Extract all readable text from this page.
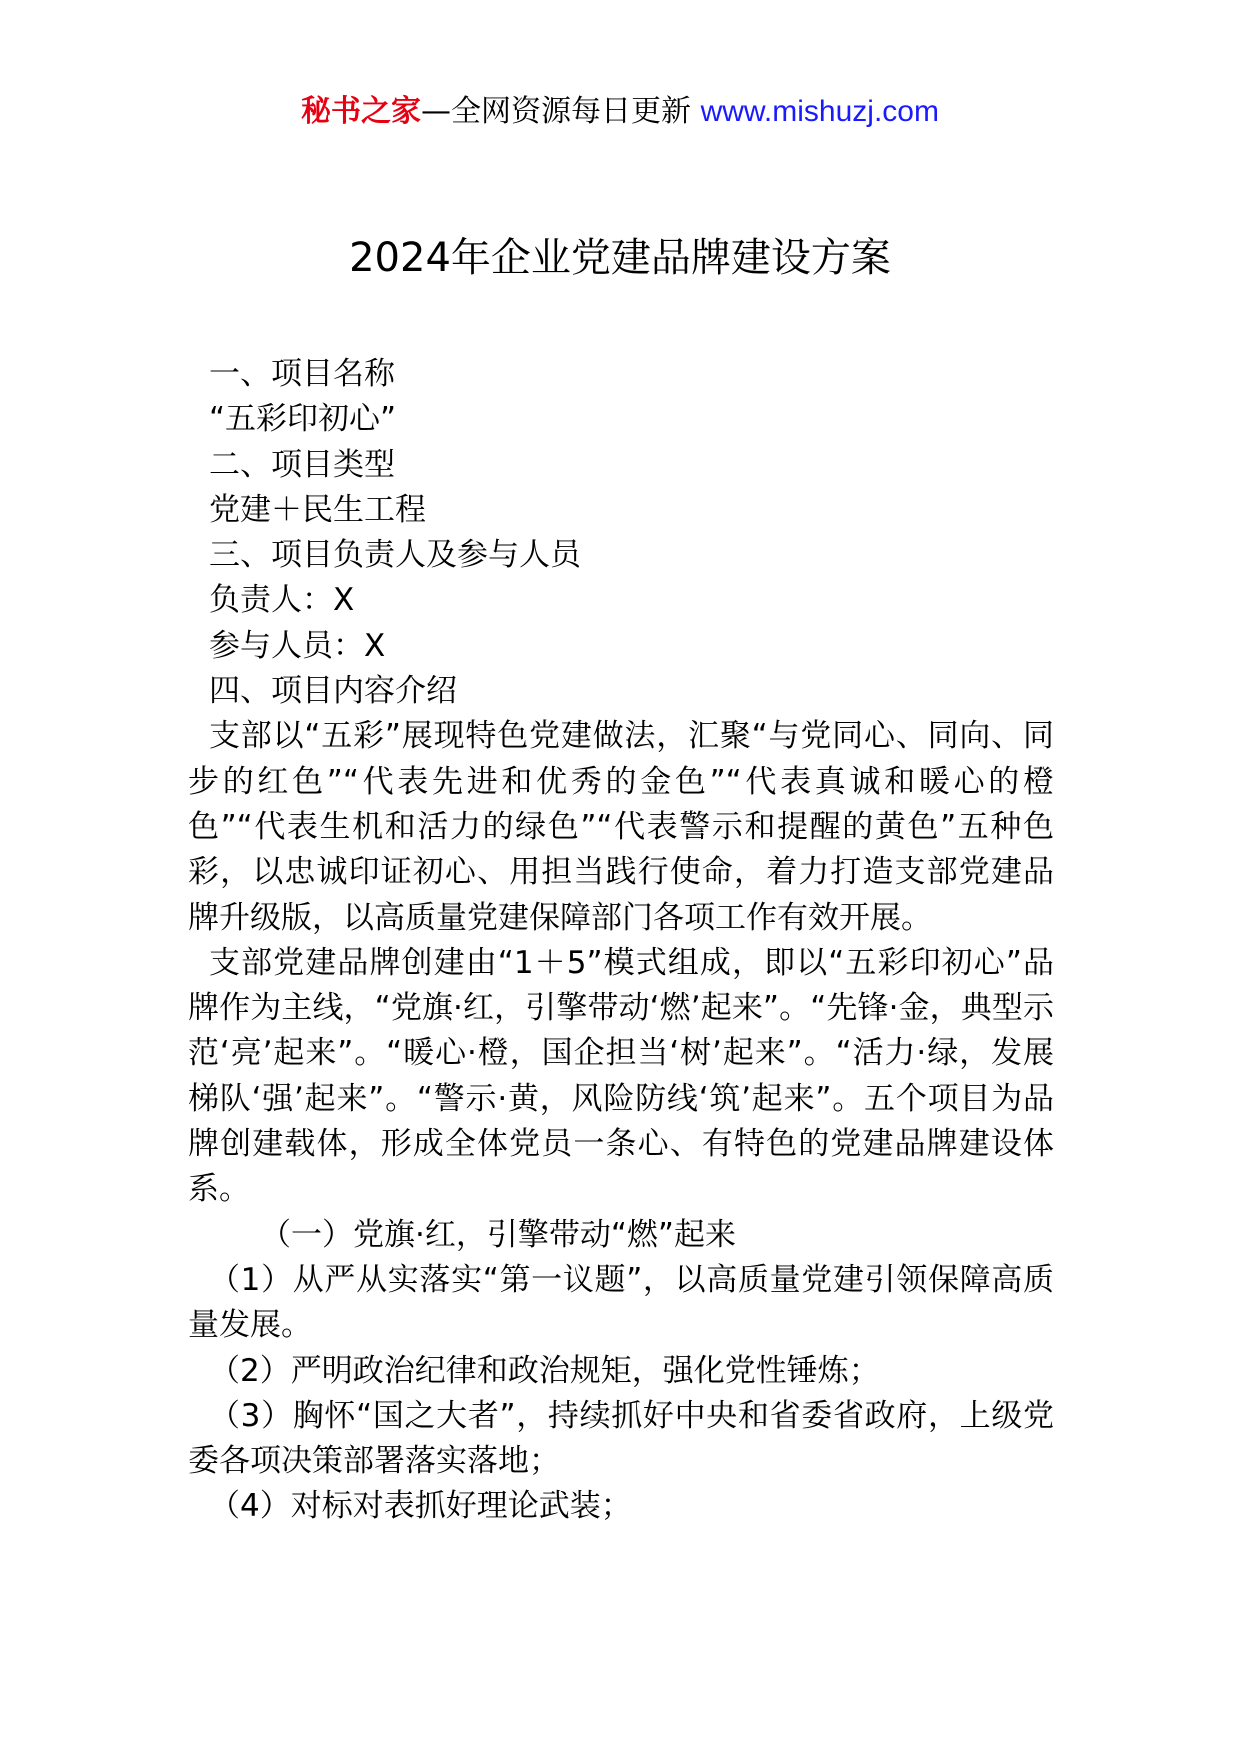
秘书之家—全网资源每日更新 www.mishuzj.com
2024年企业党建品牌建设方案
一、项目名称
“五彩印初心”
二、项目类型
党建＋民生工程
三、项目负责人及参与人员
负责人：X
参与人员：X
四、项目内容介绍
支部以“五彩”展现特色党建做法，汇聚“与党同心、同向、同步的红色”“代表先进和优秀的金色”“代表真诚和暖心的橙色”“代表生机和活力的绿色”“代表警示和提醒的黄色”五种色彩，以忠诚印证初心、用担当践行使命，着力打造支部党建品牌升级版，以高质量党建保障部门各项工作有效开展。
支部党建品牌创建由“1＋5”模式组成，即以“五彩印初心”品牌作为主线，“党旗·红，引擎带动‘燃’起来”。“先锋·金，典型示范‘亮’起来”。“暖心·橙，国企担当‘树’起来”。“活力·绿，发展梯队‘强’起来”。“警示·黄，风险防线‘筑’起来”。五个项目为品牌创建载体，形成全体党员一条心、有特色的党建品牌建设体系。
（一）党旗·红，引擎带动“燃”起来
（1）从严从实落实“第一议题”，以高质量党建引领保障高质量发展。
（2）严明政治纪律和政治规矩，强化党性锤炼；
（3）胸怀“国之大者”，持续抓好中央和省委省政府，上级党委各项决策部署落实落地；
（4）对标对表抓好理论武装；
